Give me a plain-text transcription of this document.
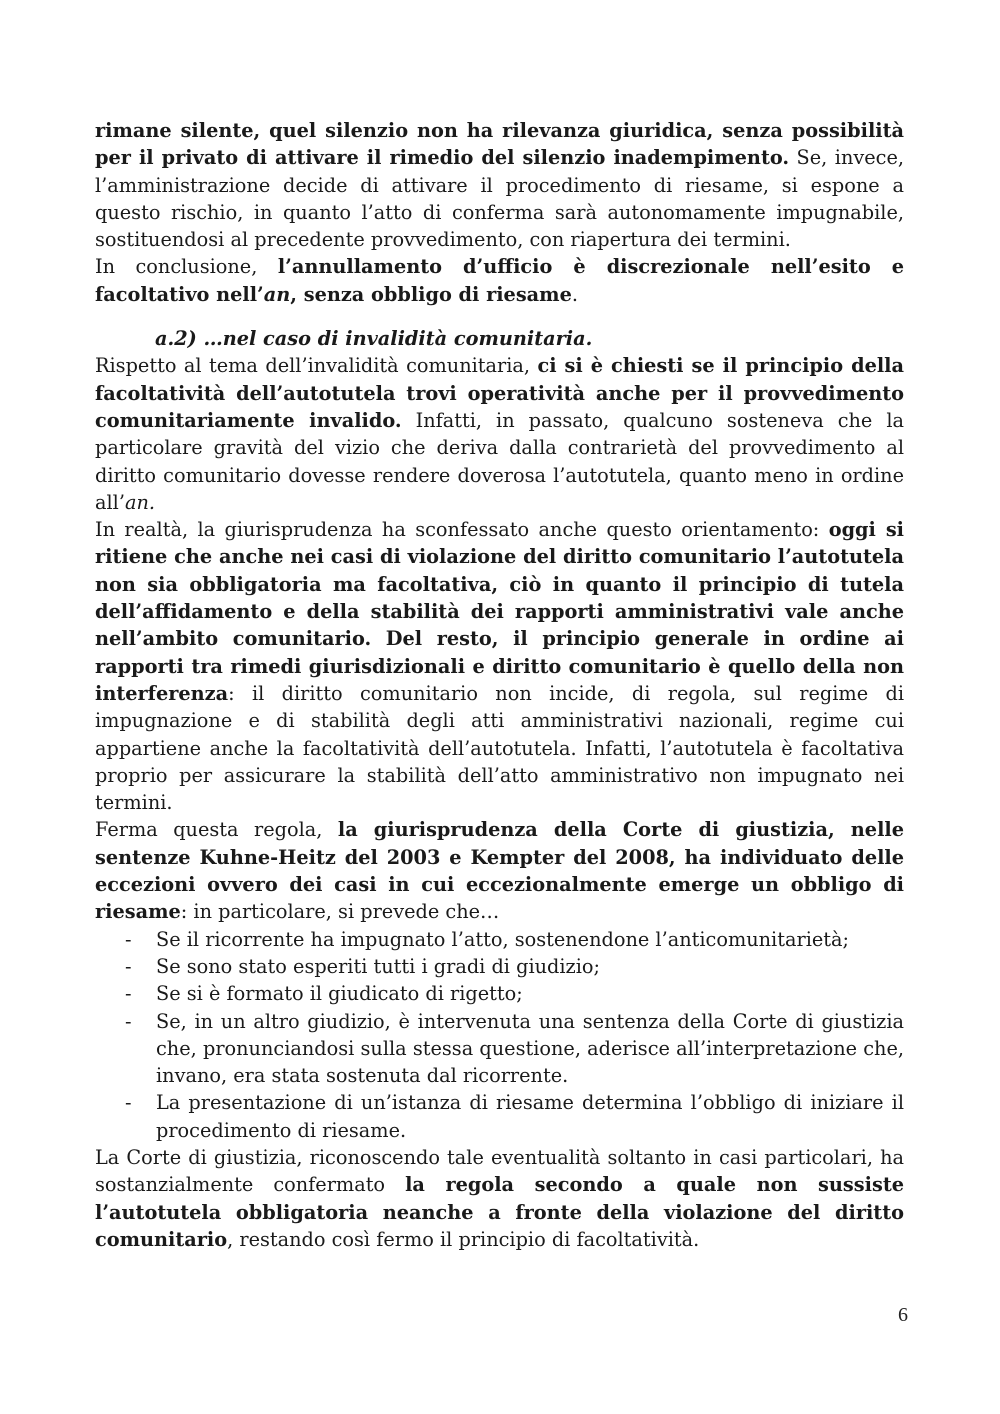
rimane silente, quel silenzio non ha rilevanza giuridica, senza possibilità per il privato di attivare il rimedio del silenzio inadempimento. Se, invece, l’amministrazione decide di attivare il procedimento di riesame, si espone a questo rischio, in quanto l’atto di conferma sarà autonomamente impugnabile, sostituendosi al precedente provvedimento, con riapertura dei termini.

In conclusione, l’annullamento d’ufficio è discrezionale nell’esito e facoltativo nell’an, senza obbligo di riesame.

a.2) …nel caso di invalidità comunitaria.

Rispetto al tema dell’invalidità comunitaria, ci si è chiesti se il principio della facoltatività dell’autotutela trovi operatività anche per il provvedimento comunitariamente invalido. Infatti, in passato, qualcuno sosteneva che la particolare gravità del vizio che deriva dalla contrarietà del provvedimento al diritto comunitario dovesse rendere doverosa l’autotutela, quanto meno in ordine all’an.

In realtà, la giurisprudenza ha sconfessato anche questo orientamento: oggi si ritiene che anche nei casi di violazione del diritto comunitario l’autotutela non sia obbligatoria ma facoltativa, ciò in quanto il principio di tutela dell’affidamento e della stabilità dei rapporti amministrativi vale anche nell’ambito comunitario. Del resto, il principio generale in ordine ai rapporti tra rimedi giurisdizionali e diritto comunitario è quello della non interferenza: il diritto comunitario non incide, di regola, sul regime di impugnazione e di stabilità degli atti amministrativi nazionali, regime cui appartiene anche la facoltatività dell’autotutela. Infatti, l’autotutela è facoltativa proprio per assicurare la stabilità dell’atto amministrativo non impugnato nei termini.

Ferma questa regola, la giurisprudenza della Corte di giustizia, nelle sentenze Kuhne-Heitz del 2003 e Kempter del 2008, ha individuato delle eccezioni ovvero dei casi in cui eccezionalmente emerge un obbligo di riesame: in particolare, si prevede che…

- Se il ricorrente ha impugnato l’atto, sostenendone l’anticomunitarietà;
- Se sono stato esperiti tutti i gradi di giudizio;
- Se si è formato il giudicato di rigetto;
- Se, in un altro giudizio, è intervenuta una sentenza della Corte di giustizia che, pronunciandosi sulla stessa questione, aderisce all’interpretazione che, invano, era stata sostenuta dal ricorrente.
- La presentazione di un’istanza di riesame determina l’obbligo di iniziare il procedimento di riesame.

La Corte di giustizia, riconoscendo tale eventualità soltanto in casi particolari, ha sostanzialmente confermato la regola secondo a quale non sussiste l’autotutela obbligatoria neanche a fronte della violazione del diritto comunitario, restando così fermo il principio di facoltatività.

6
